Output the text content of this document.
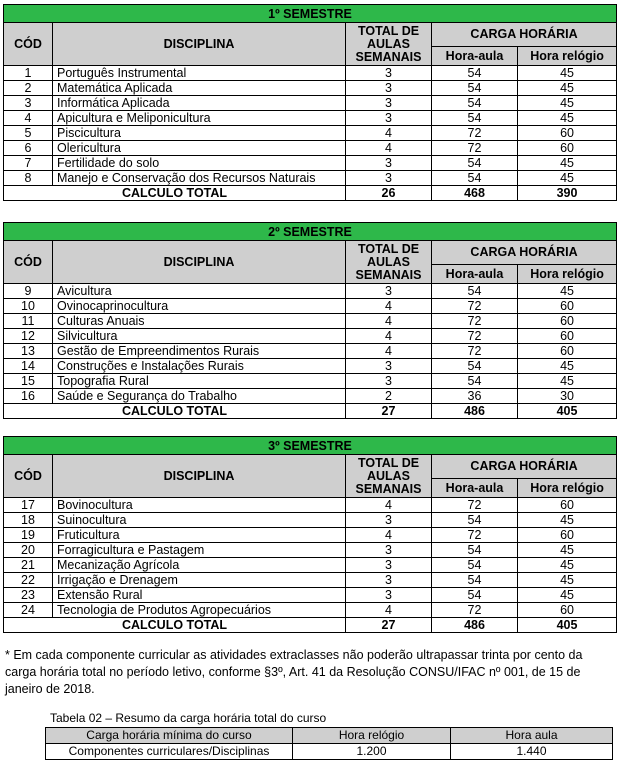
1º SEMESTRE				
CÓD	DISCIPLINA	TOTAL DE AULAS SEMANAIS	CARGA HORÁRIA	
			Hora-aula	Hora relógio
1	Português Instrumental	3	54	45
2	Matemática Aplicada	3	54	45
3	Informática Aplicada	3	54	45
4	Apicultura e Meliponicultura	3	54	45
5	Piscicultura	4	72	60
6	Olericultura	4	72	60
7	Fertilidade do solo	3	54	45
8	Manejo e Conservação dos Recursos Naturais	3	54	45
CALCULO TOTAL		26	468	390
2º SEMESTRE				
CÓD	DISCIPLINA	TOTAL DE AULAS SEMANAIS	CARGA HORÁRIA	
			Hora-aula	Hora relógio
9	Avicultura	3	54	45
10	Ovinocaprinocultura	4	72	60
11	Culturas Anuais	4	72	60
12	Silvicultura	4	72	60
13	Gestão de Empreendimentos Rurais	4	72	60
14	Construções e Instalações Rurais	3	54	45
15	Topografia Rural	3	54	45
16	Saúde e Segurança do Trabalho	2	36	30
CALCULO TOTAL		27	486	405
3º SEMESTRE				
CÓD	DISCIPLINA	TOTAL DE AULAS SEMANAIS	CARGA HORÁRIA	
			Hora-aula	Hora relógio
17	Bovinocultura	4	72	60
18	Suinocultura	3	54	45
19	Fruticultura	4	72	60
20	Forragicultura e Pastagem	3	54	45
21	Mecanização Agrícola	3	54	45
22	Irrigação e Drenagem	3	54	45
23	Extensão Rural	3	54	45
24	Tecnologia de Produtos Agropecuários	4	72	60
CALCULO TOTAL		27	486	405
* Em cada componente curricular as atividades extraclasses não poderão ultrapassar trinta por cento da carga horária total no período letivo, conforme §3º, Art. 41 da Resolução CONSU/IFAC nº 001, de 15 de janeiro de 2018.
Tabela 02 – Resumo da carga horária total do curso
Carga horária mínima do curso	Hora relógio	Hora aula
Componentes curriculares/Disciplinas	1.200	1.440
